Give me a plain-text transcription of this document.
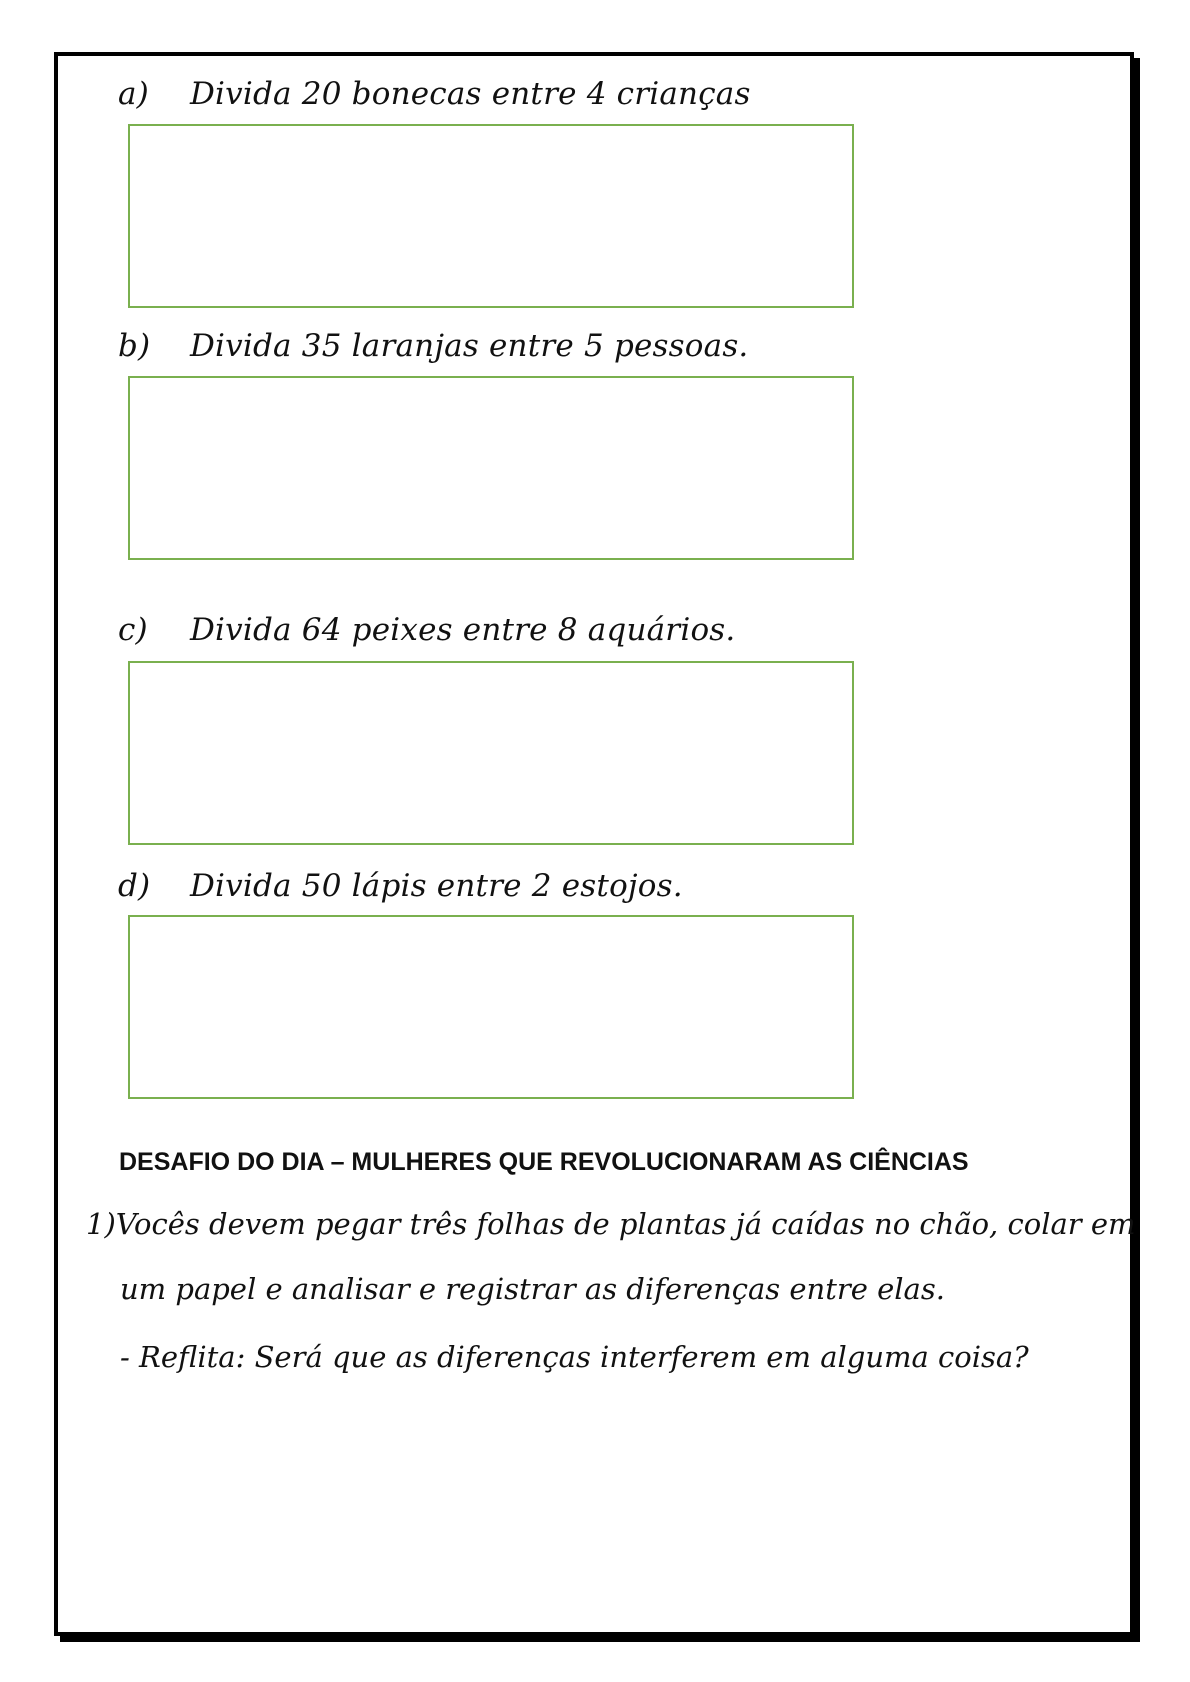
a) Divida 20 bonecas entre 4 crianças
b) Divida 35 laranjas entre 5 pessoas.
c) Divida 64 peixes entre 8 aquários.
d) Divida 50 lápis entre 2 estojos.
DESAFIO DO DIA – MULHERES QUE REVOLUCIONARAM AS CIÊNCIAS
1)Vocês devem pegar três folhas de plantas já caídas no chão, colar em
um papel e analisar e registrar as diferenças entre elas.
- Reflita: Será que as diferenças interferem em alguma coisa?
